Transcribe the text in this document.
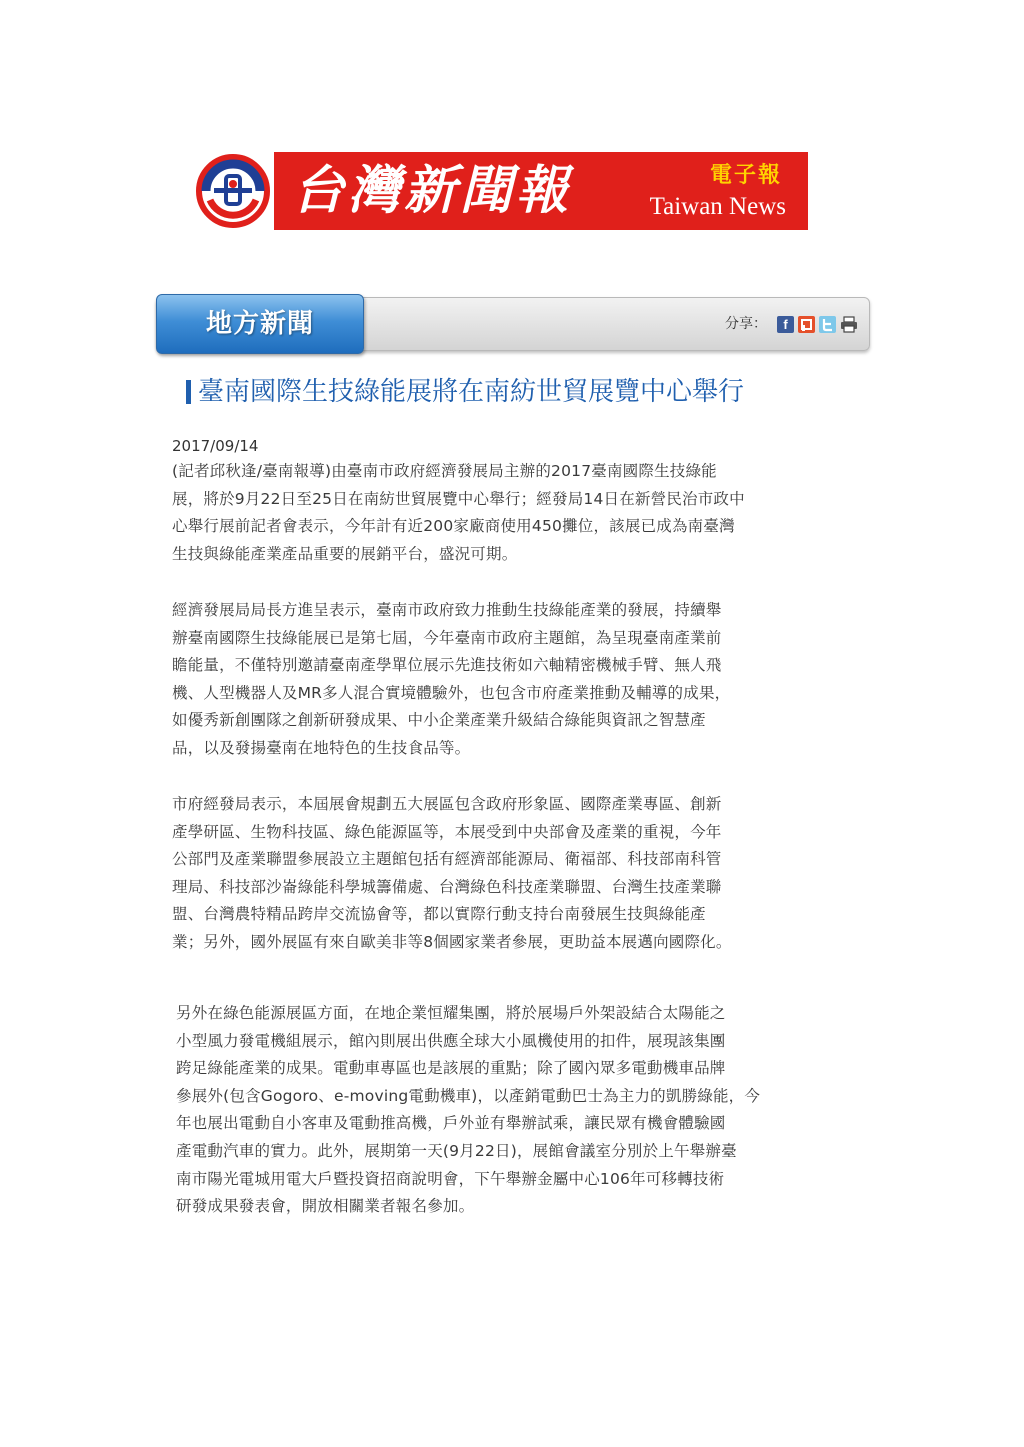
台灣新聞報	電子報
Taiwan News
地方新聞	分享：	f
臺南國際生技綠能展將在南紡世貿展覽中心舉行
2017/09/14

(記者邱秋逢/臺南報導)由臺南市政府經濟發展局主辦的2017臺南國際生技綠能
展，將於9月22日至25日在南紡世貿展覽中心舉行；經發局14日在新營民治市政中
心舉行展前記者會表示，今年計有近200家廠商使用450攤位，該展已成為南臺灣
生技與綠能產業產品重要的展銷平台，盛況可期。

經濟發展局局長方進呈表示，臺南市政府致力推動生技綠能產業的發展，持續舉
辦臺南國際生技綠能展已是第七屆，今年臺南市政府主題館，為呈現臺南產業前
瞻能量，不僅特別邀請臺南產學單位展示先進技術如六軸精密機械手臂、無人飛
機、人型機器人及MR多人混合實境體驗外，也包含市府產業推動及輔導的成果，
如優秀新創團隊之創新研發成果、中小企業產業升級結合綠能與資訊之智慧產
品，以及發揚臺南在地特色的生技食品等。

市府經發局表示，本屆展會規劃五大展區包含政府形象區、國際產業專區、創新
產學研區、生物科技區、綠色能源區等，本展受到中央部會及產業的重視，今年
公部門及產業聯盟參展設立主題館包括有經濟部能源局、衛福部、科技部南科管
理局、科技部沙崙綠能科學城籌備處、台灣綠色科技產業聯盟、台灣生技產業聯
盟、台灣農特精品跨岸交流協會等，都以實際行動支持台南發展生技與綠能產
業；另外，國外展區有來自歐美非等8個國家業者參展，更助益本展邁向國際化。

另外在綠色能源展區方面，在地企業恒耀集團，將於展場戶外架設結合太陽能之
小型風力發電機組展示，館內則展出供應全球大小風機使用的扣件，展現該集團
跨足綠能產業的成果。電動車專區也是該展的重點；除了國內眾多電動機車品牌
參展外(包含Gogoro、e-moving電動機車)，以產銷電動巴士為主力的凱勝綠能，今
年也展出電動自小客車及電動推高機，戶外並有舉辦試乘，讓民眾有機會體驗國
產電動汽車的實力。此外，展期第一天(9月22日)，展館會議室分別於上午舉辦臺
南市陽光電城用電大戶暨投資招商說明會，下午舉辦金屬中心106年可移轉技術
研發成果發表會，開放相關業者報名參加。
